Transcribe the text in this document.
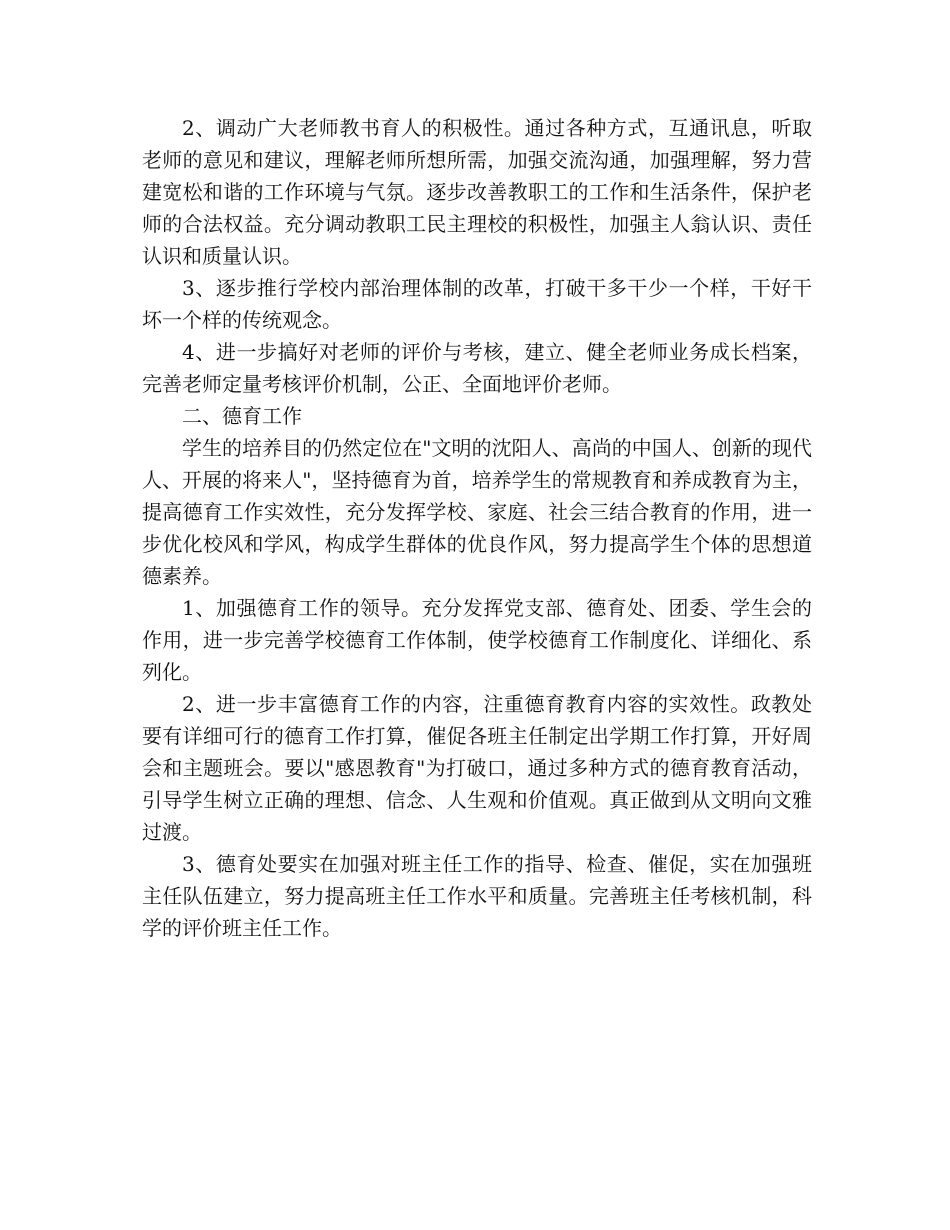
2、调动广大老师教书育人的积极性。通过各种方式，互通讯息，听取老师的意见和建议，理解老师所想所需，加强交流沟通，加强理解，努力营建宽松和谐的工作环境与气氛。逐步改善教职工的工作和生活条件，保护老师的合法权益。充分调动教职工民主理校的积极性，加强主人翁认识、责任认识和质量认识。

3、逐步推行学校内部治理体制的改革，打破干多干少一个样，干好干坏一个样的传统观念。

4、进一步搞好对老师的评价与考核，建立、健全老师业务成长档案，完善老师定量考核评价机制，公正、全面地评价老师。

二、德育工作

学生的培养目的仍然定位在"文明的沈阳人、高尚的中国人、创新的现代人、开展的将来人"，坚持德育为首，培养学生的常规教育和养成教育为主，提高德育工作实效性，充分发挥学校、家庭、社会三结合教育的作用，进一步优化校风和学风，构成学生群体的优良作风，努力提高学生个体的思想道德素养。

1、加强德育工作的领导。充分发挥党支部、德育处、团委、学生会的作用，进一步完善学校德育工作体制，使学校德育工作制度化、详细化、系列化。

2、进一步丰富德育工作的内容，注重德育教育内容的实效性。政教处要有详细可行的德育工作打算，催促各班主任制定出学期工作打算，开好周会和主题班会。要以"感恩教育"为打破口，通过多种方式的德育教育活动，引导学生树立正确的理想、信念、人生观和价值观。真正做到从文明向文雅过渡。

3、德育处要实在加强对班主任工作的指导、检查、催促，实在加强班主任队伍建立，努力提高班主任工作水平和质量。完善班主任考核机制，科学的评价班主任工作。
